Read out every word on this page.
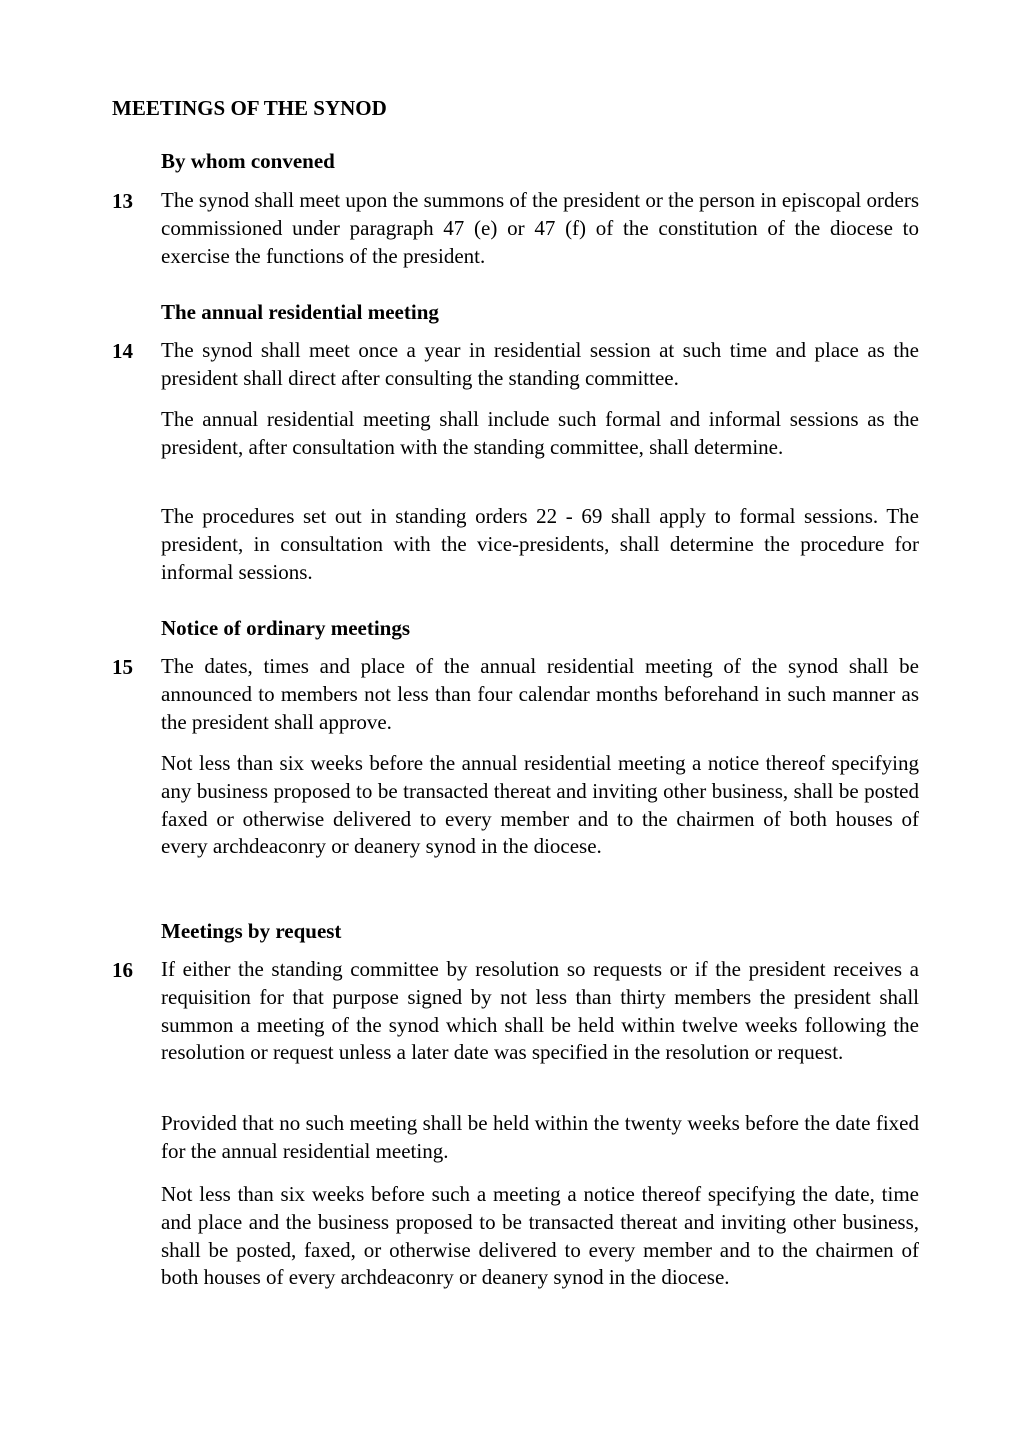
MEETINGS OF THE SYNOD
By whom convened
13 The synod shall meet upon the summons of the president or the person in episcopal orders commissioned under paragraph 47 (e) or 47 (f) of the constitution of the diocese to exercise the functions of the president.

The annual residential meeting
14 The synod shall meet once a year in residential session at such time and place as the president shall direct after consulting the standing committee.

The annual residential meeting shall include such formal and informal sessions as the president, after consultation with the standing committee, shall determine.

The procedures set out in standing orders 22 - 69 shall apply to formal sessions. The president, in consultation with the vice-presidents, shall determine the procedure for informal sessions.

Notice of ordinary meetings
15 The dates, times and place of the annual residential meeting of the synod shall be announced to members not less than four calendar months beforehand in such manner as the president shall approve.

Not less than six weeks before the annual residential meeting a notice thereof specifying any business proposed to be transacted thereat and inviting other business, shall be posted faxed or otherwise delivered to every member and to the chairmen of both houses of every archdeaconry or deanery synod in the diocese.

Meetings by request
16 If either the standing committee by resolution so requests or if the president receives a requisition for that purpose signed by not less than thirty members the president shall summon a meeting of the synod which shall be held within twelve weeks following the resolution or request unless a later date was specified in the resolution or request.

Provided that no such meeting shall be held within the twenty weeks before the date fixed for the annual residential meeting.

Not less than six weeks before such a meeting a notice thereof specifying the date, time and place and the business proposed to be transacted thereat and inviting other business, shall be posted, faxed, or otherwise delivered to every member and to the chairmen of both houses of every archdeaconry or deanery synod in the diocese.
